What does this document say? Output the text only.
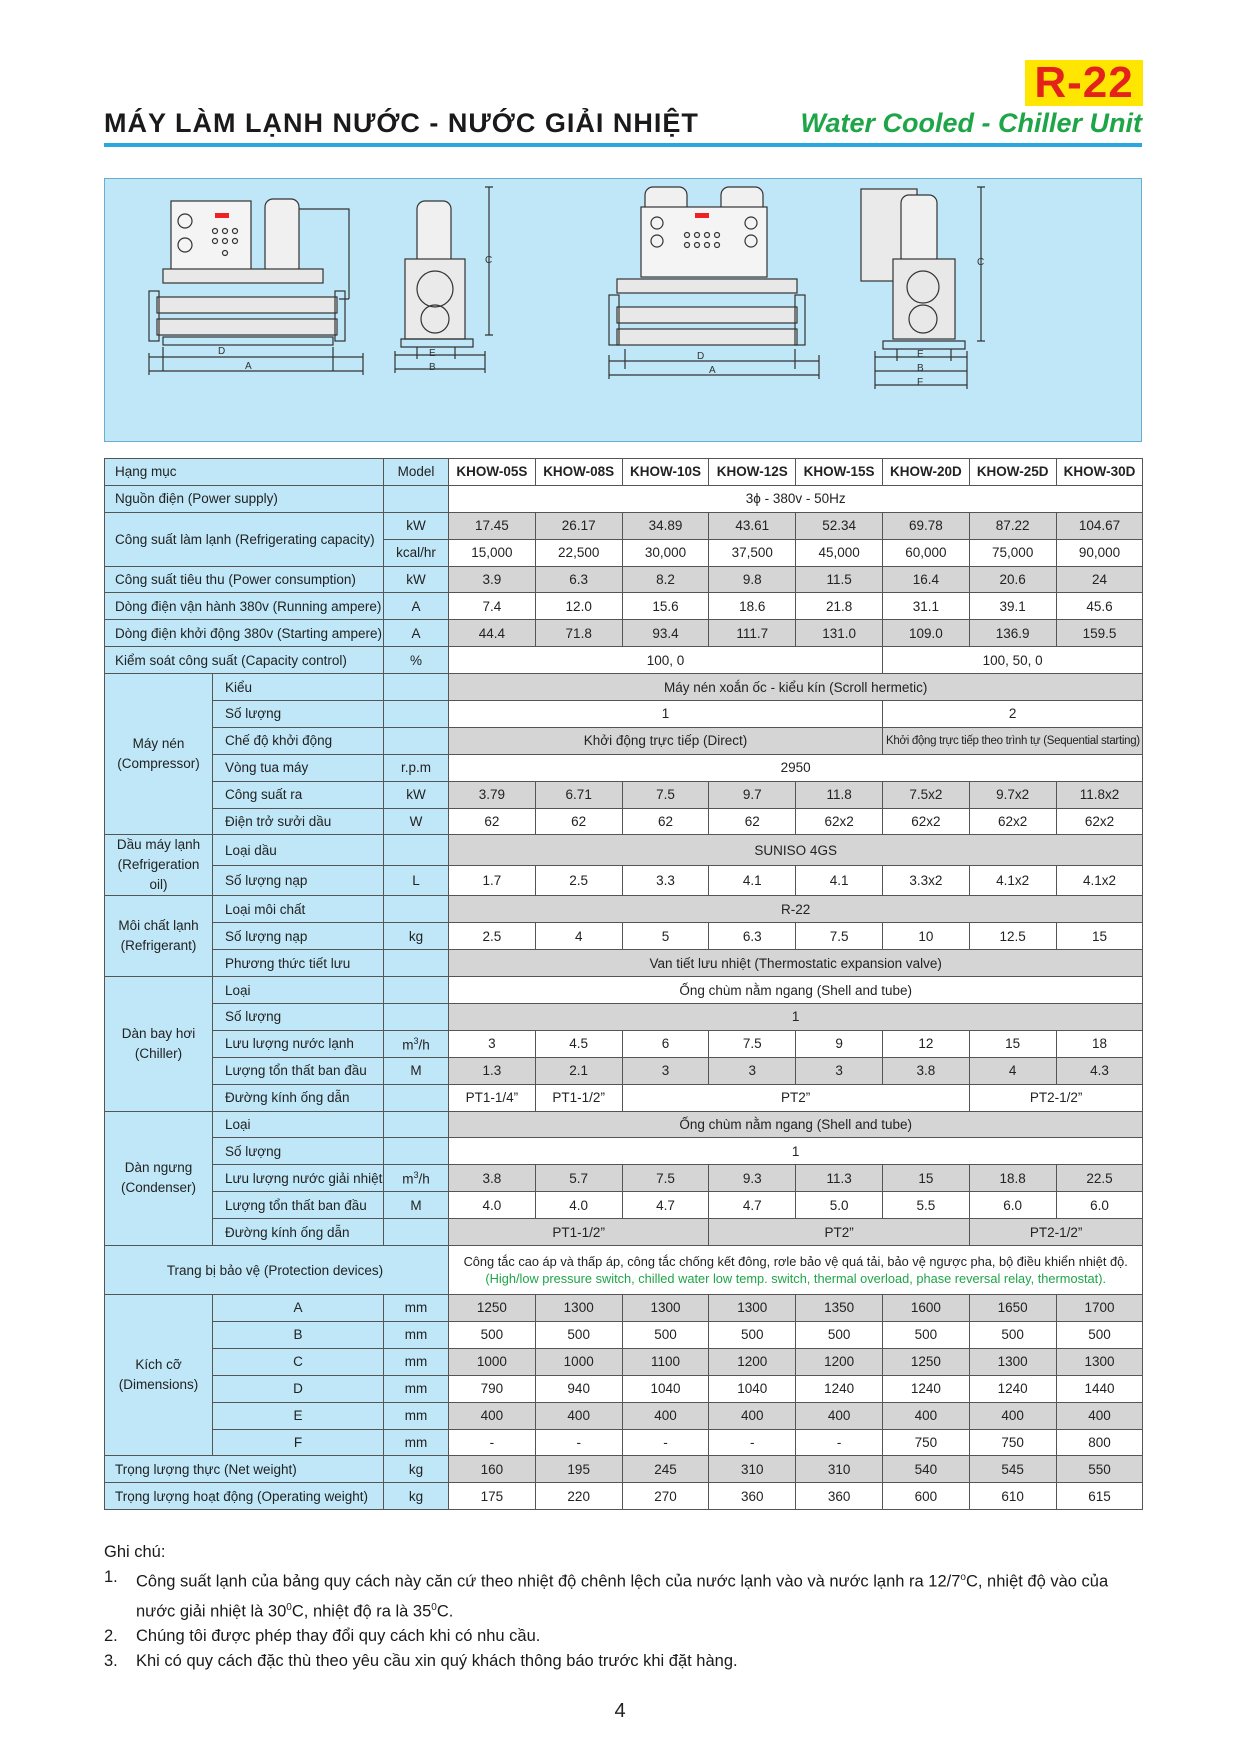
R-22
MÁY LÀM LẠNH NƯỚC - NƯỚC GIẢI NHIỆT	Water Cooled - Chiller Unit
D
A
C
E
B
D
A
C
E
B
F
Hạng mục		Model	KHOW-05S	KHOW-08S	KHOW-10S	KHOW-12S	KHOW-15S	KHOW-20D	KHOW-25D	KHOW-30D
Nguồn điện (Power supply)			3ϕ - 380v - 50Hz							
Công suất làm lạnh (Refrigerating capacity)		kW	17.45	26.17	34.89	43.61	52.34	69.78	87.22	104.67
		kcal/hr	15,000	22,500	30,000	37,500	45,000	60,000	75,000	90,000
Công suất tiêu thu (Power consumption)		kW	3.9	6.3	8.2	9.8	11.5	16.4	20.6	24
Dòng điện vận hành 380v (Running ampere)		A	7.4	12.0	15.6	18.6	21.8	31.1	39.1	45.6
Dòng điện khởi động 380v (Starting ampere)		A	44.4	71.8	93.4	111.7	131.0	109.0	136.9	159.5
Kiểm soát công suất (Capacity control)		%	100, 0					100, 50, 0		
Máy nén
(Compressor)	Kiểu		Máy nén xoắn ốc - kiểu kín (Scroll hermetic)							
	Số lượng		1					2		
	Chế độ khởi động		Khởi động trực tiếp (Direct)					Khởi động trực tiếp theo trình tự (Sequential starting)		
	Vòng tua máy	r.p.m	2950							
	Công suất ra	kW	3.79	6.71	7.5	9.7	11.8	7.5x2	9.7x2	11.8x2
	Điện trở sưởi dầu	W	62	62	62	62	62x2	62x2	62x2	62x2
Dầu máy lạnh
(Refrigeration oil)	Loại dầu		SUNISO 4GS							
	Số lượng nạp	L	1.7	2.5	3.3	4.1	4.1	3.3x2	4.1x2	4.1x2
Môi chất lạnh
(Refrigerant)	Loại môi chất		R-22							
	Số lượng nạp	kg	2.5	4	5	6.3	7.5	10	12.5	15
	Phương thức tiết lưu		Van tiết lưu nhiệt (Thermostatic expansion valve)							
Dàn bay hơi
(Chiller)	Loại		Ống chùm nằm ngang (Shell and tube)							
	Số lượng		1							
	Lưu lượng nước lạnh	$m^3/h$	3	4.5	6	7.5	9	12	15	18
	Lượng tổn thất ban đầu	M	1.3	2.1	3	3	3	3.8	4	4.3
	Đường kính ống dẫn		PT1-1/4”	PT1-1/2”	PT2”				PT2-1/2”	
Dàn ngưng
(Condenser)	Loại		Ống chùm nằm ngang (Shell and tube)							
	Số lượng		1							
	Lưu lượng nước giải nhiệt	$m^3/h$	3.8	5.7	7.5	9.3	11.3	15	18.8	22.5
	Lượng tổn thất ban đầu	M	4.0	4.0	4.7	4.7	5.0	5.5	6.0	6.0
	Đường kính ống dẫn		PT1-1/2”			PT2”			PT2-1/2”	
Trang bị bảo vệ (Protection devices)			Công tắc cao áp và thấp áp, công tắc chống kết đông, rơle bảo vệ quá tải, bảo vệ ngược pha, bộ điều khiển nhiệt độ.
(High/low pressure switch, chilled water low temp. switch, thermal overload, phase reversal relay, thermostat).							

Kích cỡ
(Dimensions)	A	mm	1250	1300	1300	1300	1350	1600	1650	1700
	B	mm	500	500	500	500	500	500	500	500
	C	mm	1000	1000	1100	1200	1200	1250	1300	1300
	D	mm	790	940	1040	1040	1240	1240	1240	1440
	E	mm	400	400	400	400	400	400	400	400
	F	mm	-	-	-	-	-	750	750	800
Trọng lượng thực (Net weight)		kg	160	195	245	310	310	540	545	550
Trọng lượng hoạt động (Operating weight)		kg	175	220	270	360	360	600	610	615
Ghi chú:
1.	Công suất lạnh của bảng quy cách này căn cứ theo nhiệt độ chênh lệch của nước lạnh vào và nước lạnh ra 12/7$^o$C, nhiệt độ vào của nước giải nhiệt là $30^0C$, nhiệt độ ra là $35^0C$.
2.	Chúng tôi được phép thay đổi quy cách khi có nhu cầu.
3.	Khi có quy cách đặc thù theo yêu cầu xin quý khách thông báo trước khi đặt hàng.
4
